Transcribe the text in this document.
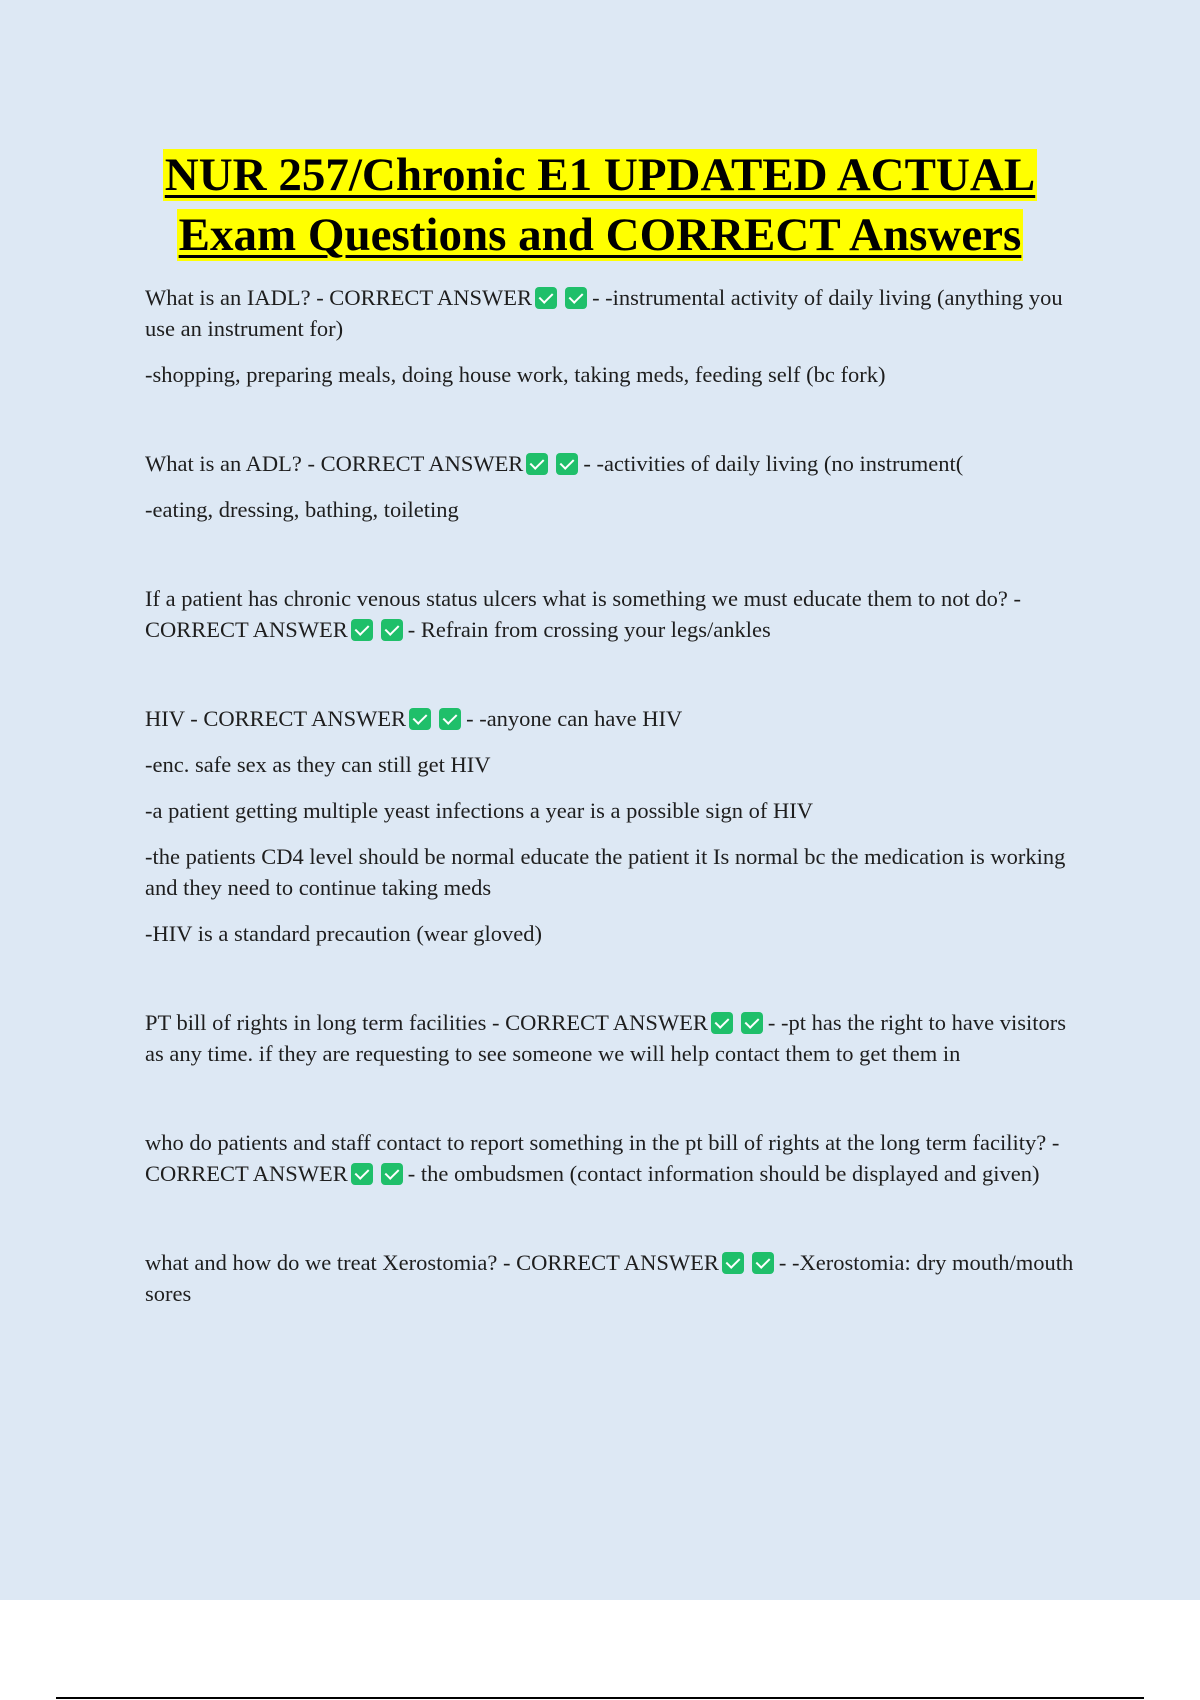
NUR 257/Chronic E1 UPDATED ACTUAL
Exam Questions and CORRECT Answers

What is an IADL? - CORRECT ANSWER	- -instrumental activity of daily living (anything you use an instrument for)

-shopping, preparing meals, doing house work, taking meds, feeding self (bc fork)

What is an ADL? - CORRECT ANSWER	- -activities of daily living (no instrument(

-eating, dressing, bathing, toileting

If a patient has chronic venous status ulcers what is something we must educate them to not do? - CORRECT ANSWER	- Refrain from crossing your legs/ankles

HIV - CORRECT ANSWER	- -anyone can have HIV

-enc. safe sex as they can still get HIV

-a patient getting multiple yeast infections a year is a possible sign of HIV

-the patients CD4 level should be normal educate the patient it Is normal bc the medication is working and they need to continue taking meds

-HIV is a standard precaution (wear gloved)

PT bill of rights in long term facilities - CORRECT ANSWER	- -pt has the right to have visitors as any time. if they are requesting to see someone we will help contact them to get them in

who do patients and staff contact to report something in the pt bill of rights at the long term facility? - CORRECT ANSWER	- the ombudsmen (contact information should be displayed and given)

what and how do we treat Xerostomia? - CORRECT ANSWER	- -Xerostomia: dry mouth/mouth sores
